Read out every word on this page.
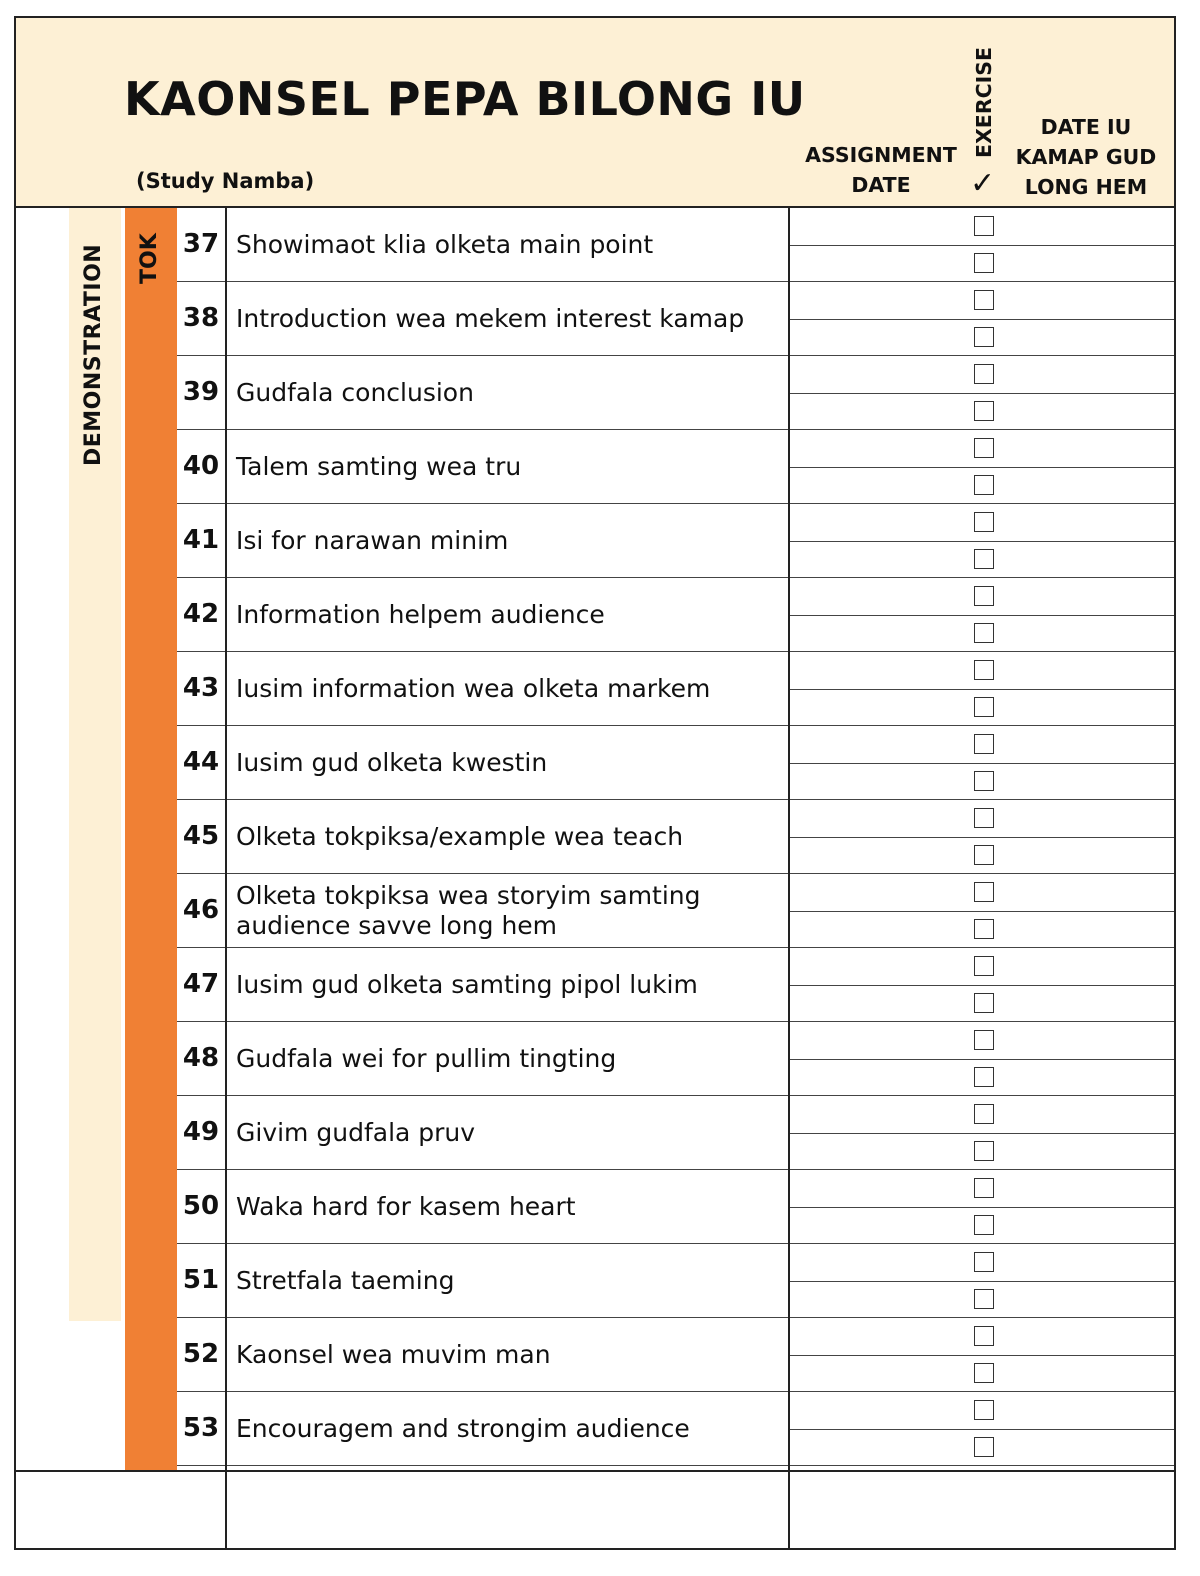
KAONSEL PEPA BILONG IU
(Study Namba)
ASSIGNMENT
DATE
EXERCISE
✓
DATE IU
KAMAP GUD
LONG HEM
DEMONSTRATION TOK 37 Showimaot klia olketa main point
38 Introduction wea mekem interest kamap
39 Gudfala conclusion
40 Talem samting wea tru
41 Isi for narawan minim
42 Information helpem audience
43 Iusim information wea olketa markem
44 Iusim gud olketa kwestin
45 Olketa tokpiksa/example wea teach
46 Olketa tokpiksa wea storyim samting audience savve long hem
47 Iusim gud olketa samting pipol lukim
48 Gudfala wei for pullim tingting
49 Givim gudfala pruv
50 Waka hard for kasem heart
51 Stretfala taeming
52 Kaonsel wea muvim man
53 Encouragem and strongim audience
